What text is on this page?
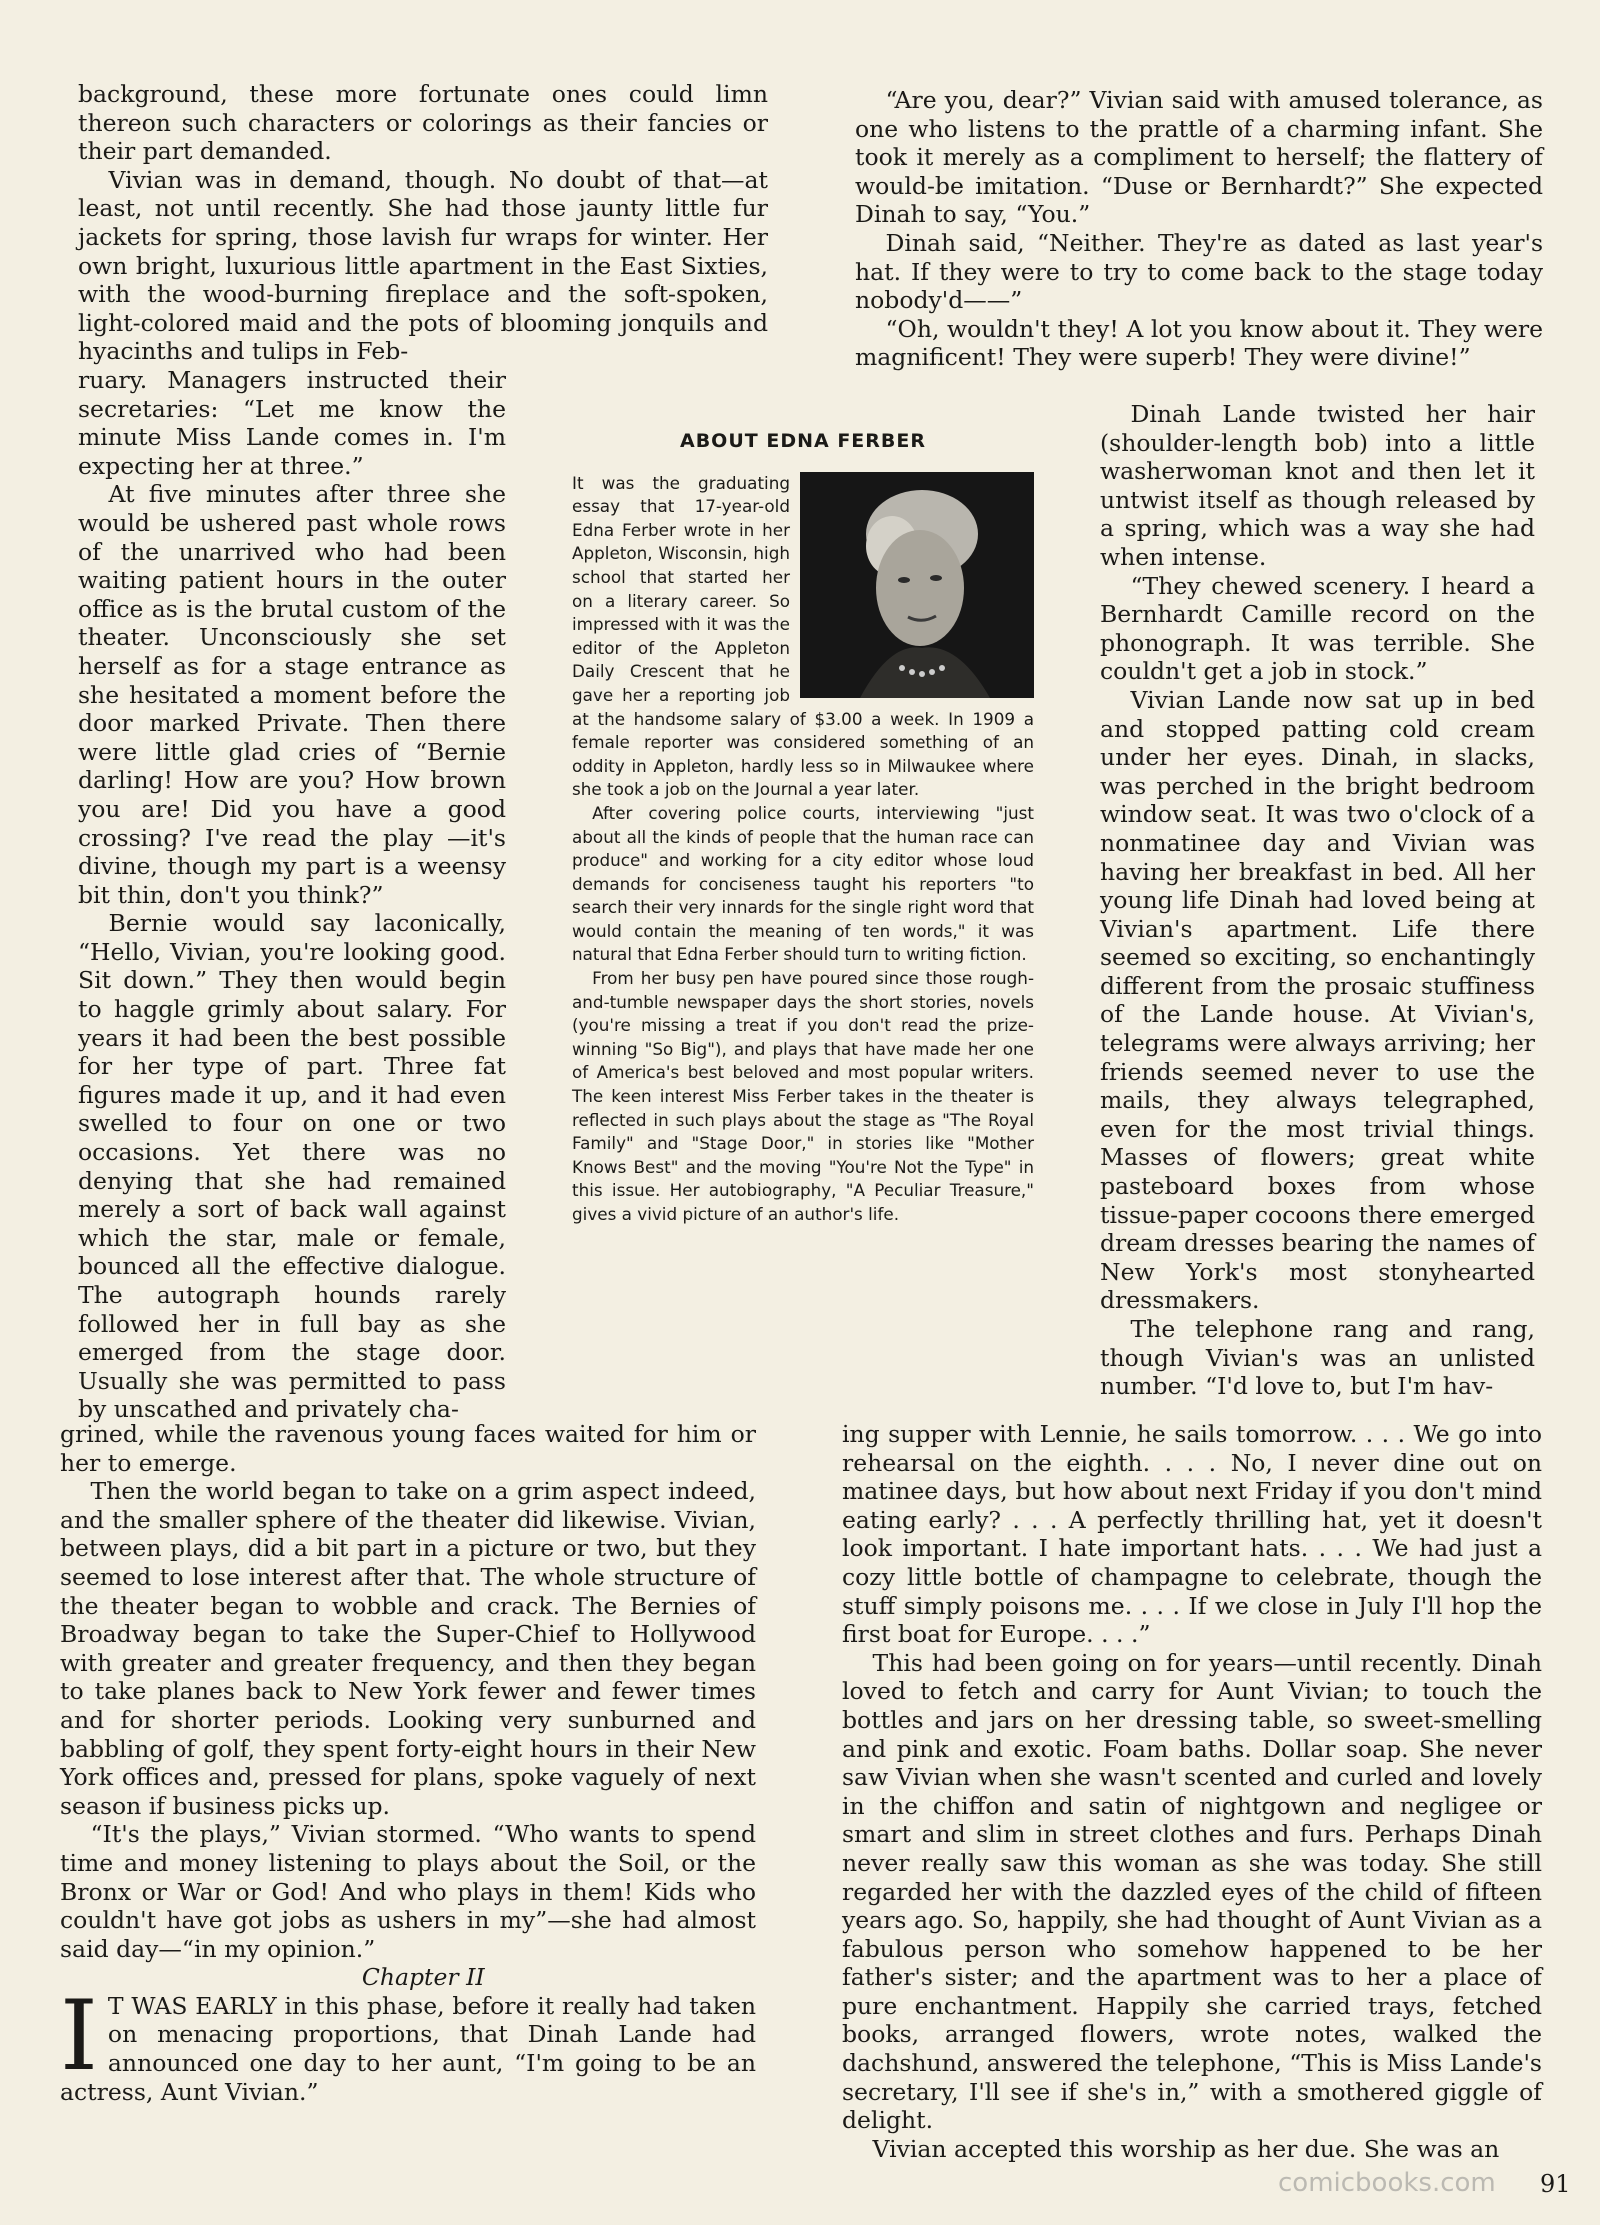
background, these more fortunate ones could limn thereon such characters or colorings as their fancies or their part demanded.

Vivian was in demand, though. No doubt of that—at least, not until recently. She had those jaunty little fur jackets for spring, those lavish fur wraps for winter. Her own bright, luxurious little apartment in the East Sixties, with the wood-burning fireplace and the soft-spoken, light-colored maid and the pots of blooming jonquils and hyacinths and tulips in Feb-

ruary. Managers instructed their secretaries: “Let me know the minute Miss Lande comes in. I'm expecting her at three.”

At five minutes after three she would be ushered past whole rows of the unarrived who had been waiting patient hours in the outer office as is the brutal custom of the theater. Unconsciously she set herself as for a stage entrance as she hesitated a moment before the door marked Private. Then there were little glad cries of “Bernie darling! How are you? How brown you are! Did you have a good crossing? I've read the play —it's divine, though my part is a weensy bit thin, don't you think?”

Bernie would say laconically, “Hello, Vivian, you're looking good. Sit down.” They then would begin to haggle grimly about salary. For years it had been the best possible for her type of part. Three fat figures made it up, and it had even swelled to four on one or two occasions. Yet there was no denying that she had remained merely a sort of back wall against which the star, male or female, bounced all the effective dialogue. The autograph hounds rarely followed her in full bay as she emerged from the stage door. Usually she was permitted to pass by unscathed and privately cha-

ABOUT EDNA FERBER

It was the graduating essay that 17-year-old Edna Ferber wrote in her Appleton, Wisconsin, high school that started her on a literary career. So impressed with it was the editor of the Appleton Daily Crescent that he gave her a reporting job at the handsome salary of $3.00 a week. In 1909 a female reporter was considered something of an oddity in Appleton, hardly less so in Milwaukee where she took a job on the Journal a year later.

After covering police courts, interviewing "just about all the kinds of people that the human race can produce" and working for a city editor whose loud demands for conciseness taught his reporters "to search their very innards for the single right word that would contain the meaning of ten words," it was natural that Edna Ferber should turn to writing fiction.

From her busy pen have poured since those rough-and-tumble newspaper days the short stories, novels (you're missing a treat if you don't read the prize-winning "So Big"), and plays that have made her one of America's best beloved and most popular writers. The keen interest Miss Ferber takes in the theater is reflected in such plays about the stage as "The Royal Family" and "Stage Door," in stories like "Mother Knows Best" and the moving "You're Not the Type" in this issue. Her autobiography, "A Peculiar Treasure," gives a vivid picture of an author's life.

grined, while the ravenous young faces waited for him or her to emerge.

Then the world began to take on a grim aspect indeed, and the smaller sphere of the theater did likewise. Vivian, between plays, did a bit part in a picture or two, but they seemed to lose interest after that. The whole structure of the theater began to wobble and crack. The Bernies of Broadway began to take the Super-Chief to Hollywood with greater and greater frequency, and then they began to take planes back to New York fewer and fewer times and for shorter periods. Looking very sunburned and babbling of golf, they spent forty-eight hours in their New York offices and, pressed for plans, spoke vaguely of next season if business picks up.

“It's the plays,” Vivian stormed. “Who wants to spend time and money listening to plays about the Soil, or the Bronx or War or God! And who plays in them! Kids who couldn't have got jobs as ushers in my”—she had almost said day—“in my opinion.”

Chapter II

I T WAS EARLY in this phase, before it really had taken on menacing proportions, that Dinah Lande had announced one day to her aunt, “I'm going to be an actress, Aunt Vivian.”

“Are you, dear?” Vivian said with amused tolerance, as one who listens to the prattle of a charming infant. She took it merely as a compliment to herself; the flattery of would-be imitation. “Duse or Bernhardt?” She expected Dinah to say, “You.”

Dinah said, “Neither. They're as dated as last year's hat. If they were to try to come back to the stage today nobody'd——”

“Oh, wouldn't they! A lot you know about it. They were magnificent! They were superb! They were divine!”

Dinah Lande twisted her hair (shoulder-length bob) into a little washerwoman knot and then let it untwist itself as though released by a spring, which was a way she had when intense.

“They chewed scenery. I heard a Bernhardt Camille record on the phonograph. It was terrible. She couldn't get a job in stock.”

Vivian Lande now sat up in bed and stopped patting cold cream under her eyes. Dinah, in slacks, was perched in the bright bedroom window seat. It was two o'clock of a nonmatinee day and Vivian was having her breakfast in bed. All her young life Dinah had loved being at Vivian's apartment. Life there seemed so exciting, so enchantingly different from the prosaic stuffiness of the Lande house. At Vivian's, telegrams were always arriving; her friends seemed never to use the mails, they always telegraphed, even for the most trivial things. Masses of flowers; great white pasteboard boxes from whose tissue-paper cocoons there emerged dream dresses bearing the names of New York's most stonyhearted dressmakers.

The telephone rang and rang, though Vivian's was an unlisted number. “I'd love to, but I'm hav-

ing supper with Lennie, he sails tomorrow. . . . We go into rehearsal on the eighth. . . . No, I never dine out on matinee days, but how about next Friday if you don't mind eating early? . . . A perfectly thrilling hat, yet it doesn't look important. I hate important hats. . . . We had just a cozy little bottle of champagne to celebrate, though the stuff simply poisons me. . . . If we close in July I'll hop the first boat for Europe. . . .”

This had been going on for years—until recently. Dinah loved to fetch and carry for Aunt Vivian; to touch the bottles and jars on her dressing table, so sweet-smelling and pink and exotic. Foam baths. Dollar soap. She never saw Vivian when she wasn't scented and curled and lovely in the chiffon and satin of nightgown and negligee or smart and slim in street clothes and furs. Perhaps Dinah never really saw this woman as she was today. She still regarded her with the dazzled eyes of the child of fifteen years ago. So, happily, she had thought of Aunt Vivian as a fabulous person who somehow happened to be her father's sister; and the apartment was to her a place of pure enchantment. Happily she carried trays, fetched books, arranged flowers, wrote notes, walked the dachshund, answered the telephone, “This is Miss Lande's secretary, I'll see if she's in,” with a smothered giggle of delight.

Vivian accepted this worship as her due. She was an

comicbooks.com 91
